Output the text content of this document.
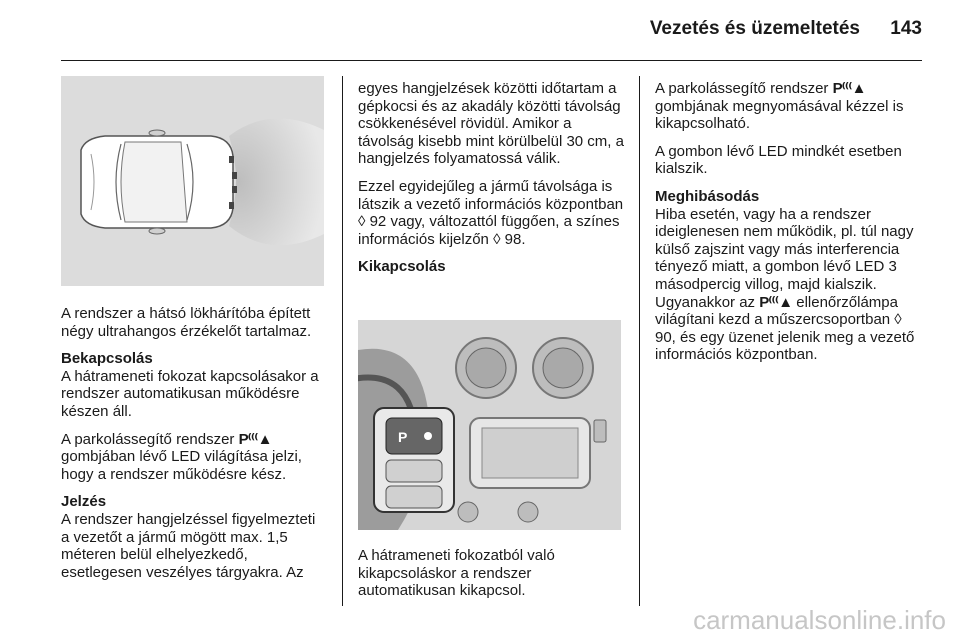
Vezetés és üzemeltetés	143

A rendszer a hátsó lökhárítóba épített négy ultrahangos érzékelőt tartalmaz.

Bekapcsolás

A hátrameneti fokozat kapcsolásakor a rendszer automatikusan működésre készen áll.

A parkolássegítő rendszer P⁽⁽⁽▲ gombjában lévő LED világítása jelzi, hogy a rendszer működésre kész.

Jelzés

A rendszer hangjelzéssel figyelmezteti a vezetőt a jármű mögött max. 1,5 méteren belül elhelyezkedő, esetlegesen veszélyes tárgyakra. Az

egyes hangjelzések közötti időtartam a gépkocsi és az akadály közötti távolság csökkenésével rövidül. Amikor a távolság kisebb mint körülbelül 30 cm, a hangjelzés folyamatossá válik.

Ezzel egyidejűleg a jármű távolsága is látszik a vezető információs központban ◊ 92 vagy, változattól függően, a színes információs kijelzőn ◊ 98.

Kikapcsolás

P

A hátrameneti fokozatból való kikapcsoláskor a rendszer automatikusan kikapcsol.

A parkolássegítő rendszer P⁽⁽⁽▲ gombjának megnyomásával kézzel is kikapcsolható.

A gombon lévő LED mindkét esetben kialszik.

Meghibásodás

Hiba esetén, vagy ha a rendszer ideiglenesen nem működik, pl. túl nagy külső zajszint vagy más interferencia tényező miatt, a gombon lévő LED 3 másodpercig villog, majd kialszik. Ugyanakkor az P⁽⁽⁽▲ ellenőrzőlámpa világítani kezd a műszercsoportban ◊ 90, és egy üzenet jelenik meg a vezető információs központban.

carmanualsonline.info
